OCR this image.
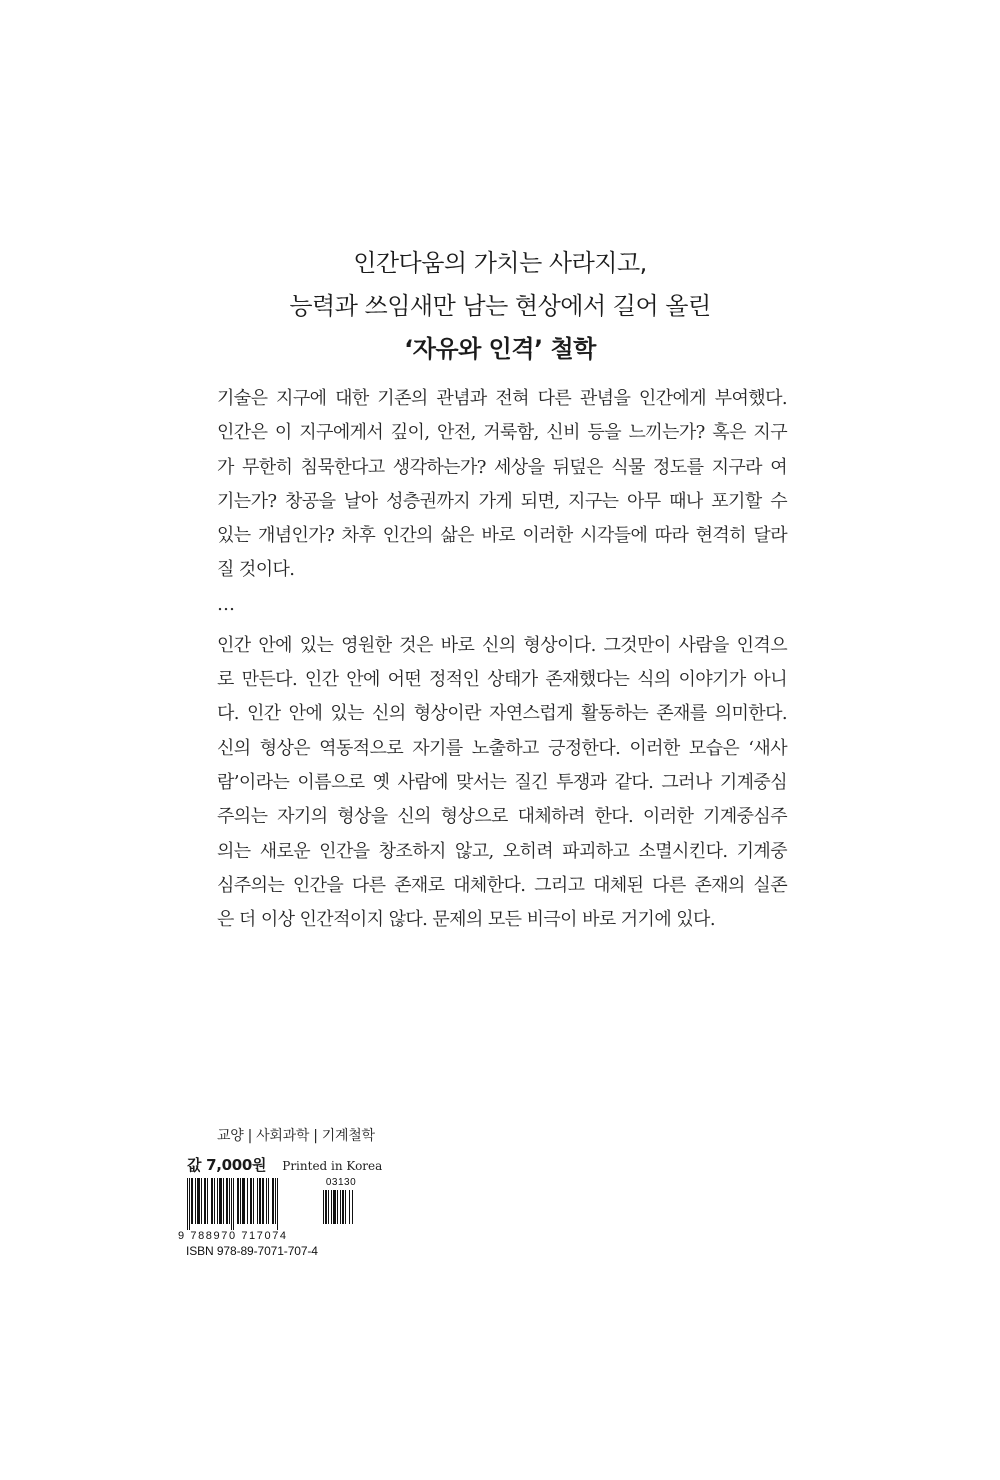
인간다움의 가치는 사라지고,
능력과 쓰임새만 남는 현상에서 길어 올린
‘자유와 인격’ 철학
기술은 지구에 대한 기존의 관념과 전혀 다른 관념을 인간에게 부여했다.
인간은 이 지구에게서 깊이, 안전, 거룩함, 신비 등을 느끼는가? 혹은 지구
가 무한히 침묵한다고 생각하는가? 세상을 뒤덮은 식물 정도를 지구라 여
기는가? 창공을 날아 성층권까지 가게 되면, 지구는 아무 때나 포기할 수
있는 개념인가? 차후 인간의 삶은 바로 이러한 시각들에 따라 현격히 달라
질 것이다.
…
인간 안에 있는 영원한 것은 바로 신의 형상이다. 그것만이 사람을 인격으
로 만든다. 인간 안에 어떤 정적인 상태가 존재했다는 식의 이야기가 아니
다. 인간 안에 있는 신의 형상이란 자연스럽게 활동하는 존재를 의미한다.
신의 형상은 역동적으로 자기를 노출하고 긍정한다. 이러한 모습은 ‘새사
람’이라는 이름으로 옛 사람에 맞서는 질긴 투쟁과 같다. 그러나 기계중심
주의는 자기의 형상을 신의 형상으로 대체하려 한다. 이러한 기계중심주
의는 새로운 인간을 창조하지 않고, 오히려 파괴하고 소멸시킨다. 기계중
심주의는 인간을 다른 존재로 대체한다. 그리고 대체된 다른 존재의 실존
은 더 이상 인간적이지 않다. 문제의 모든 비극이 바로 거기에 있다.
교양 | 사회과학 | 기계철학
값 7,000원 Printed in Korea
03130
9 788970 717074
ISBN 978-89-7071-707-4
